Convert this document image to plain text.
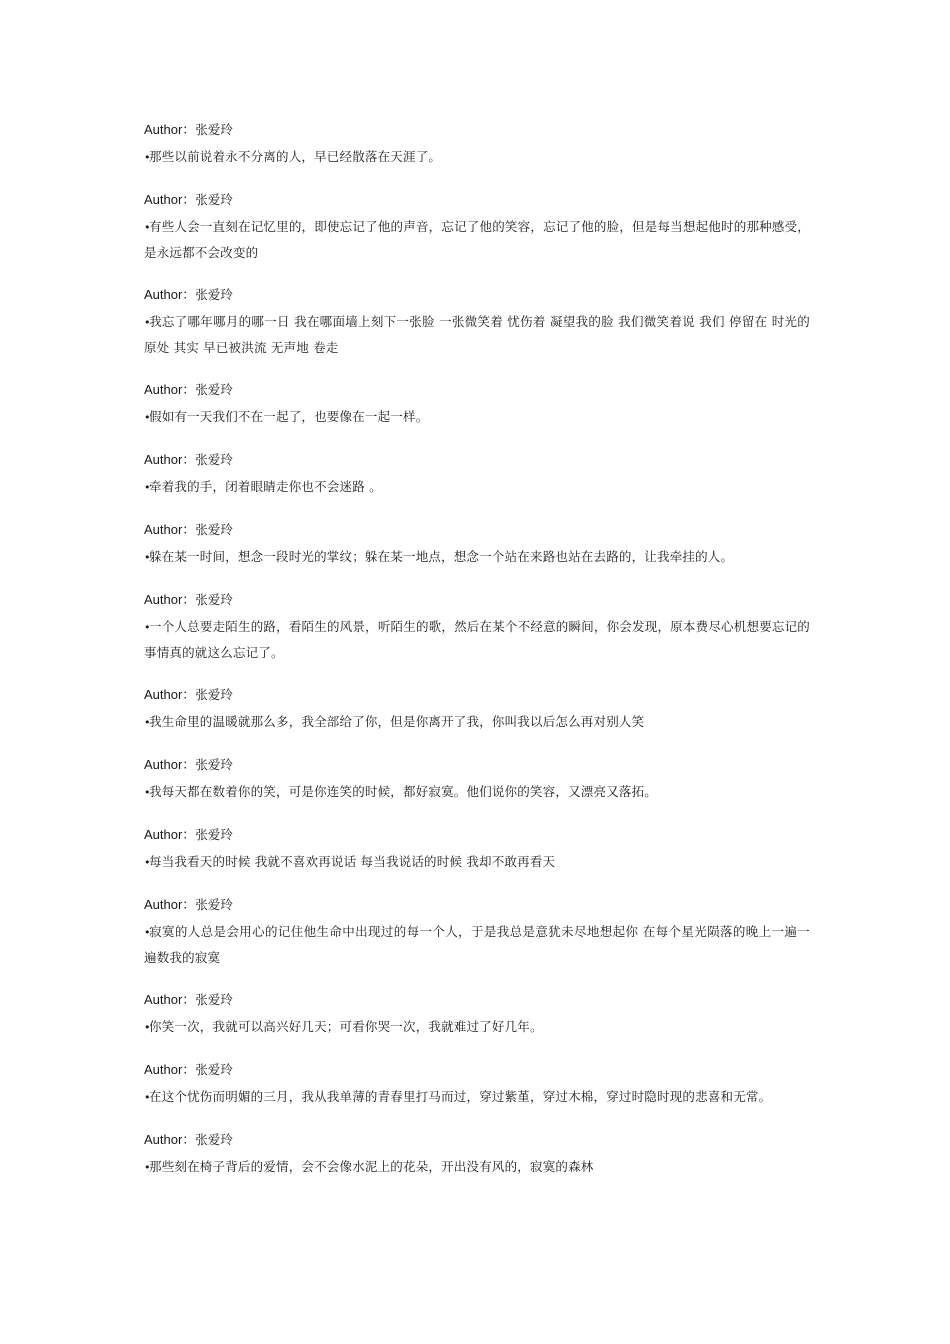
Author：张爱玲
•那些以前说着永不分离的人，早已经散落在天涯了。
Author：张爱玲
•有些人会一直刻在记忆里的，即使忘记了他的声音，忘记了他的笑容，忘记了他的脸，但是每当想起他时的那种感受，是永远都不会改变的
Author：张爱玲
•我忘了哪年哪月的哪一日 我在哪面墙上刻下一张脸 一张微笑着 忧伤着 凝望我的脸 我们微笑着说 我们 停留在 时光的 原处 其实 早已被洪流 无声地 卷走
Author：张爱玲
•假如有一天我们不在一起了，也要像在一起一样。
Author：张爱玲
•牵着我的手，闭着眼睛走你也不会迷路 。
Author：张爱玲
•躲在某一时间，想念一段时光的掌纹；躲在某一地点，想念一个站在来路也站在去路的，让我牵挂的人。
Author：张爱玲
•一个人总要走陌生的路，看陌生的风景，听陌生的歌，然后在某个不经意的瞬间，你会发现，原本费尽心机想要忘记的事情真的就这么忘记了。
Author：张爱玲
•我生命里的温暖就那么多，我全部给了你，但是你离开了我，你叫我以后怎么再对别人笑
Author：张爱玲
•我每天都在数着你的笑，可是你连笑的时候，都好寂寞。他们说你的笑容，又漂亮又落拓。
Author：张爱玲
•每当我看天的时候 我就不喜欢再说话 每当我说话的时候 我却不敢再看天
Author：张爱玲
•寂寞的人总是会用心的记住他生命中出现过的每一个人，于是我总是意犹未尽地想起你 在每个星光陨落的晚上一遍一遍数我的寂寞
Author：张爱玲
•你笑一次，我就可以高兴好几天；可看你哭一次，我就难过了好几年。
Author：张爱玲
•在这个忧伤而明媚的三月，我从我单薄的青春里打马而过，穿过紫堇，穿过木棉，穿过时隐时现的悲喜和无常。
Author：张爱玲
•那些刻在椅子背后的爱情，会不会像水泥上的花朵，开出没有风的，寂寞的森林
